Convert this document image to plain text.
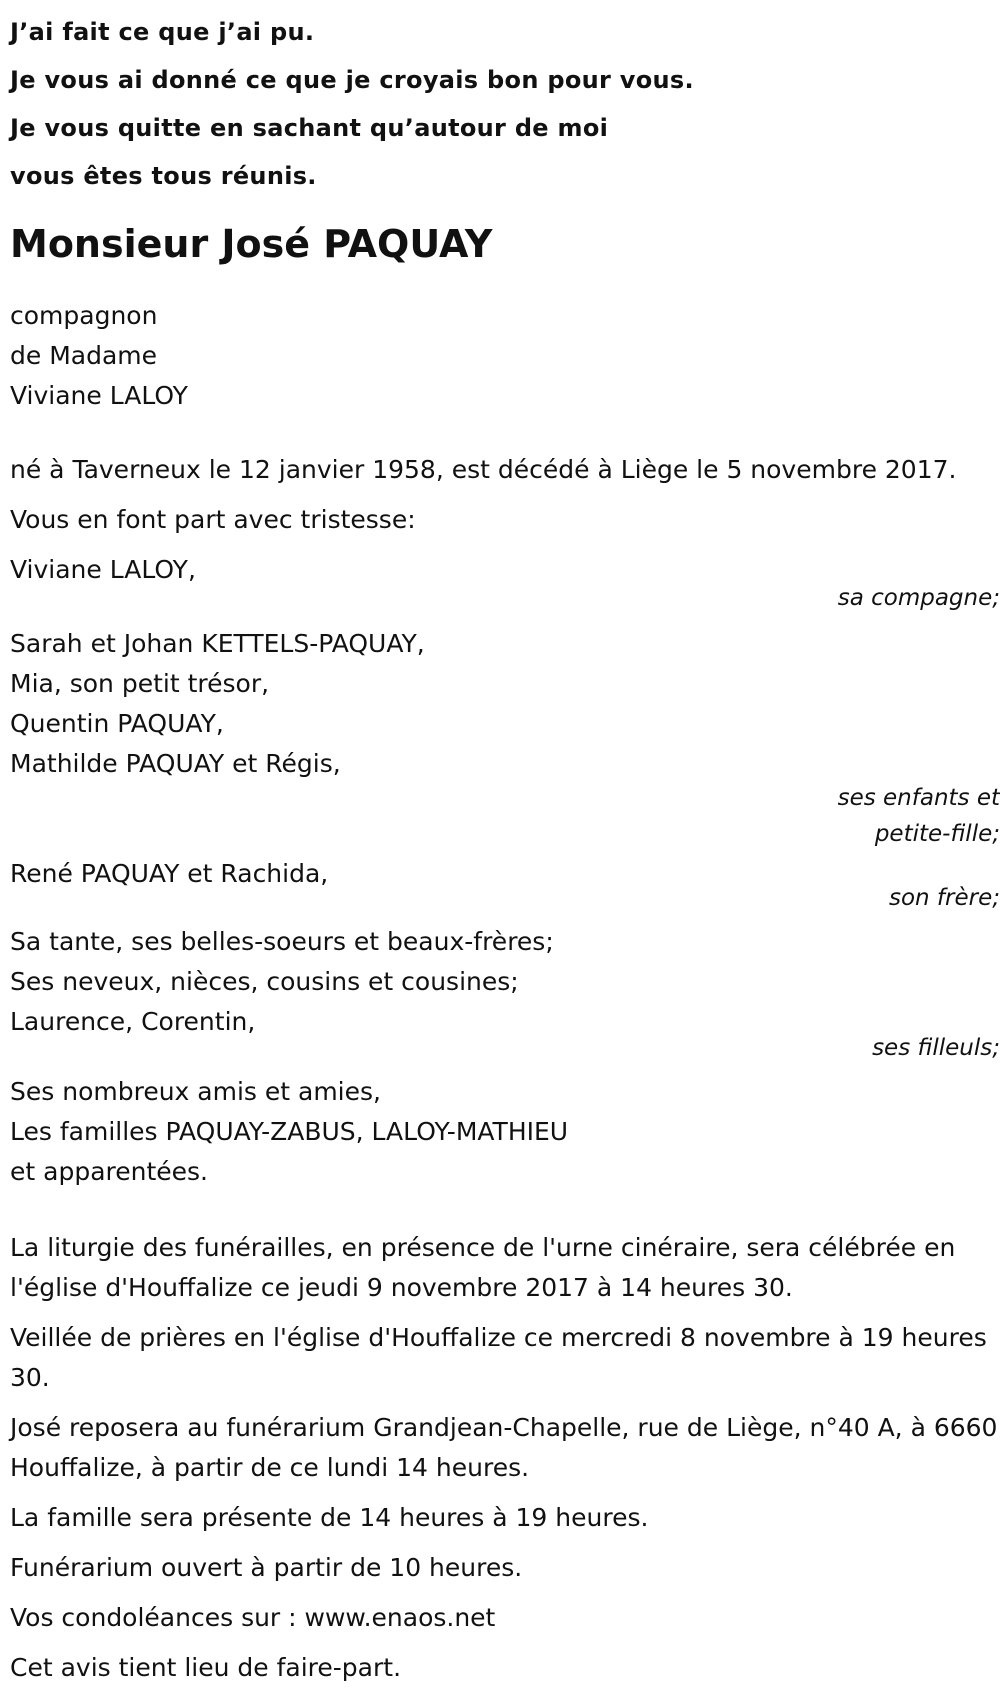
J’ai fait ce que j’ai pu.
Je vous ai donné ce que je croyais bon pour vous.
Je vous quitte en sachant qu’autour de moi
vous êtes tous réunis.
Monsieur José PAQUAY
compagnon
de Madame
Viviane LALOY
né à Taverneux le 12 janvier 1958, est décédé à Liège le 5 novembre 2017.
Vous en font part avec tristesse:
Viviane LALOY,
sa compagne;
Sarah et Johan KETTELS-PAQUAY,
Mia, son petit trésor,
Quentin PAQUAY,
Mathilde PAQUAY et Régis,
ses enfants et
petite-fille;
René PAQUAY et Rachida,
son frère;
Sa tante, ses belles-soeurs et beaux-frères;
Ses neveux, nièces, cousins et cousines;
Laurence, Corentin,
ses filleuls;
Ses nombreux amis et amies,
Les familles PAQUAY-ZABUS, LALOY-MATHIEU
et apparentées.
La liturgie des funérailles, en présence de l'urne cinéraire, sera célébrée en l'église d'Houffalize ce jeudi 9 novembre 2017 à 14 heures 30.
Veillée de prières en l'église d'Houffalize ce mercredi 8 novembre à 19 heures 30.
José reposera au funérarium Grandjean-Chapelle, rue de Liège, n°40 A, à 6660 Houffalize, à partir de ce lundi 14 heures.
La famille sera présente de 14 heures à 19 heures.
Funérarium ouvert à partir de 10 heures.
Vos condoléances sur : www.enaos.net
Cet avis tient lieu de faire-part.
